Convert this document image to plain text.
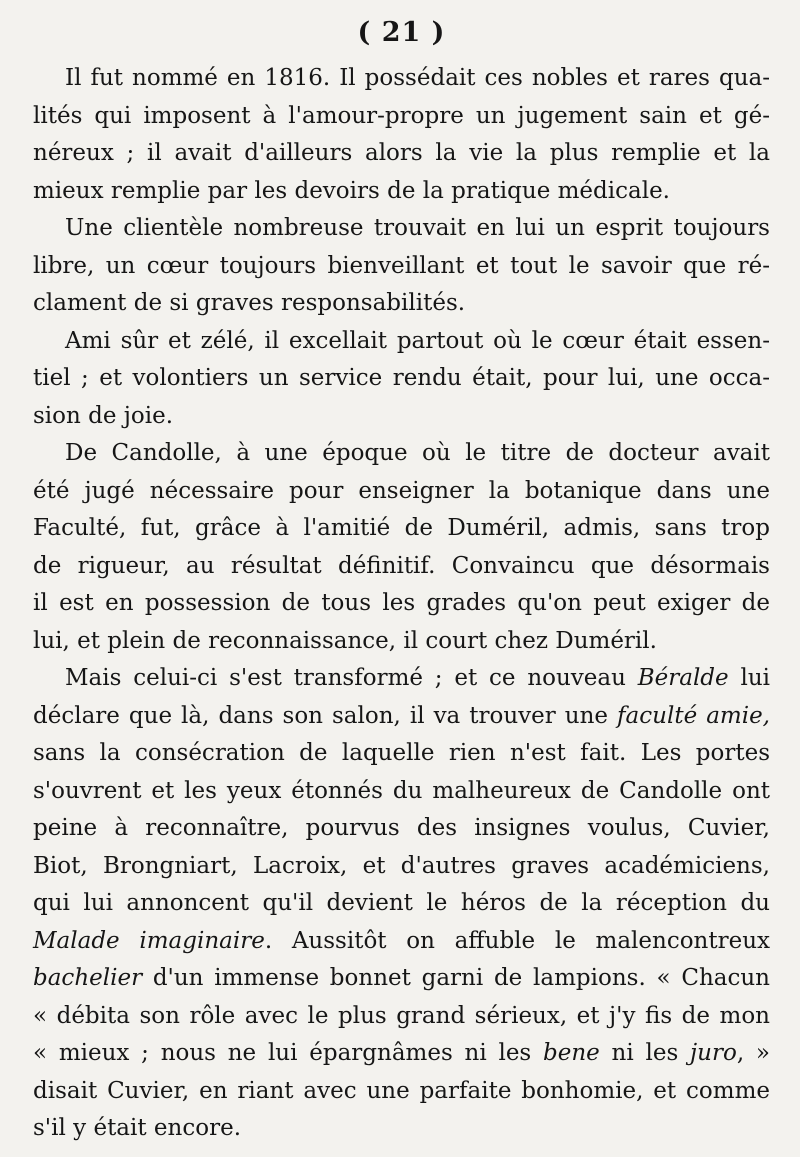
( 21 )
Il fut nommé en 1816. Il possédait ces nobles et rares qua-
lités qui imposent à l'amour-propre un jugement sain et gé-
néreux ; il avait d'ailleurs alors la vie la plus remplie et la
mieux remplie par les devoirs de la pratique médicale.
Une clientèle nombreuse trouvait en lui un esprit toujours
libre, un cœur toujours bienveillant et tout le savoir que ré-
clament de si graves responsabilités.
Ami sûr et zélé, il excellait partout où le cœur était essen-
tiel ; et volontiers un service rendu était, pour lui, une occa-
sion de joie.
De Candolle, à une époque où le titre de docteur avait
été jugé nécessaire pour enseigner la botanique dans une
Faculté, fut, grâce à l'amitié de Duméril, admis, sans trop
de rigueur, au résultat définitif. Convaincu que désormais
il est en possession de tous les grades qu'on peut exiger de
lui, et plein de reconnaissance, il court chez Duméril.
Mais celui-ci s'est transformé ; et ce nouveau Béralde lui
déclare que là, dans son salon, il va trouver une faculté amie,
sans la consécration de laquelle rien n'est fait. Les portes
s'ouvrent et les yeux étonnés du malheureux de Candolle ont
peine à reconnaître, pourvus des insignes voulus, Cuvier,
Biot, Brongniart, Lacroix, et d'autres graves académiciens,
qui lui annoncent qu'il devient le héros de la réception du
Malade imaginaire. Aussitôt on affuble le malencontreux
bachelier d'un immense bonnet garni de lampions. « Chacun
« débita son rôle avec le plus grand sérieux, et j'y fis de mon
« mieux ; nous ne lui épargnâmes ni les bene ni les juro, »
disait Cuvier, en riant avec une parfaite bonhomie, et comme
s'il y était encore.
